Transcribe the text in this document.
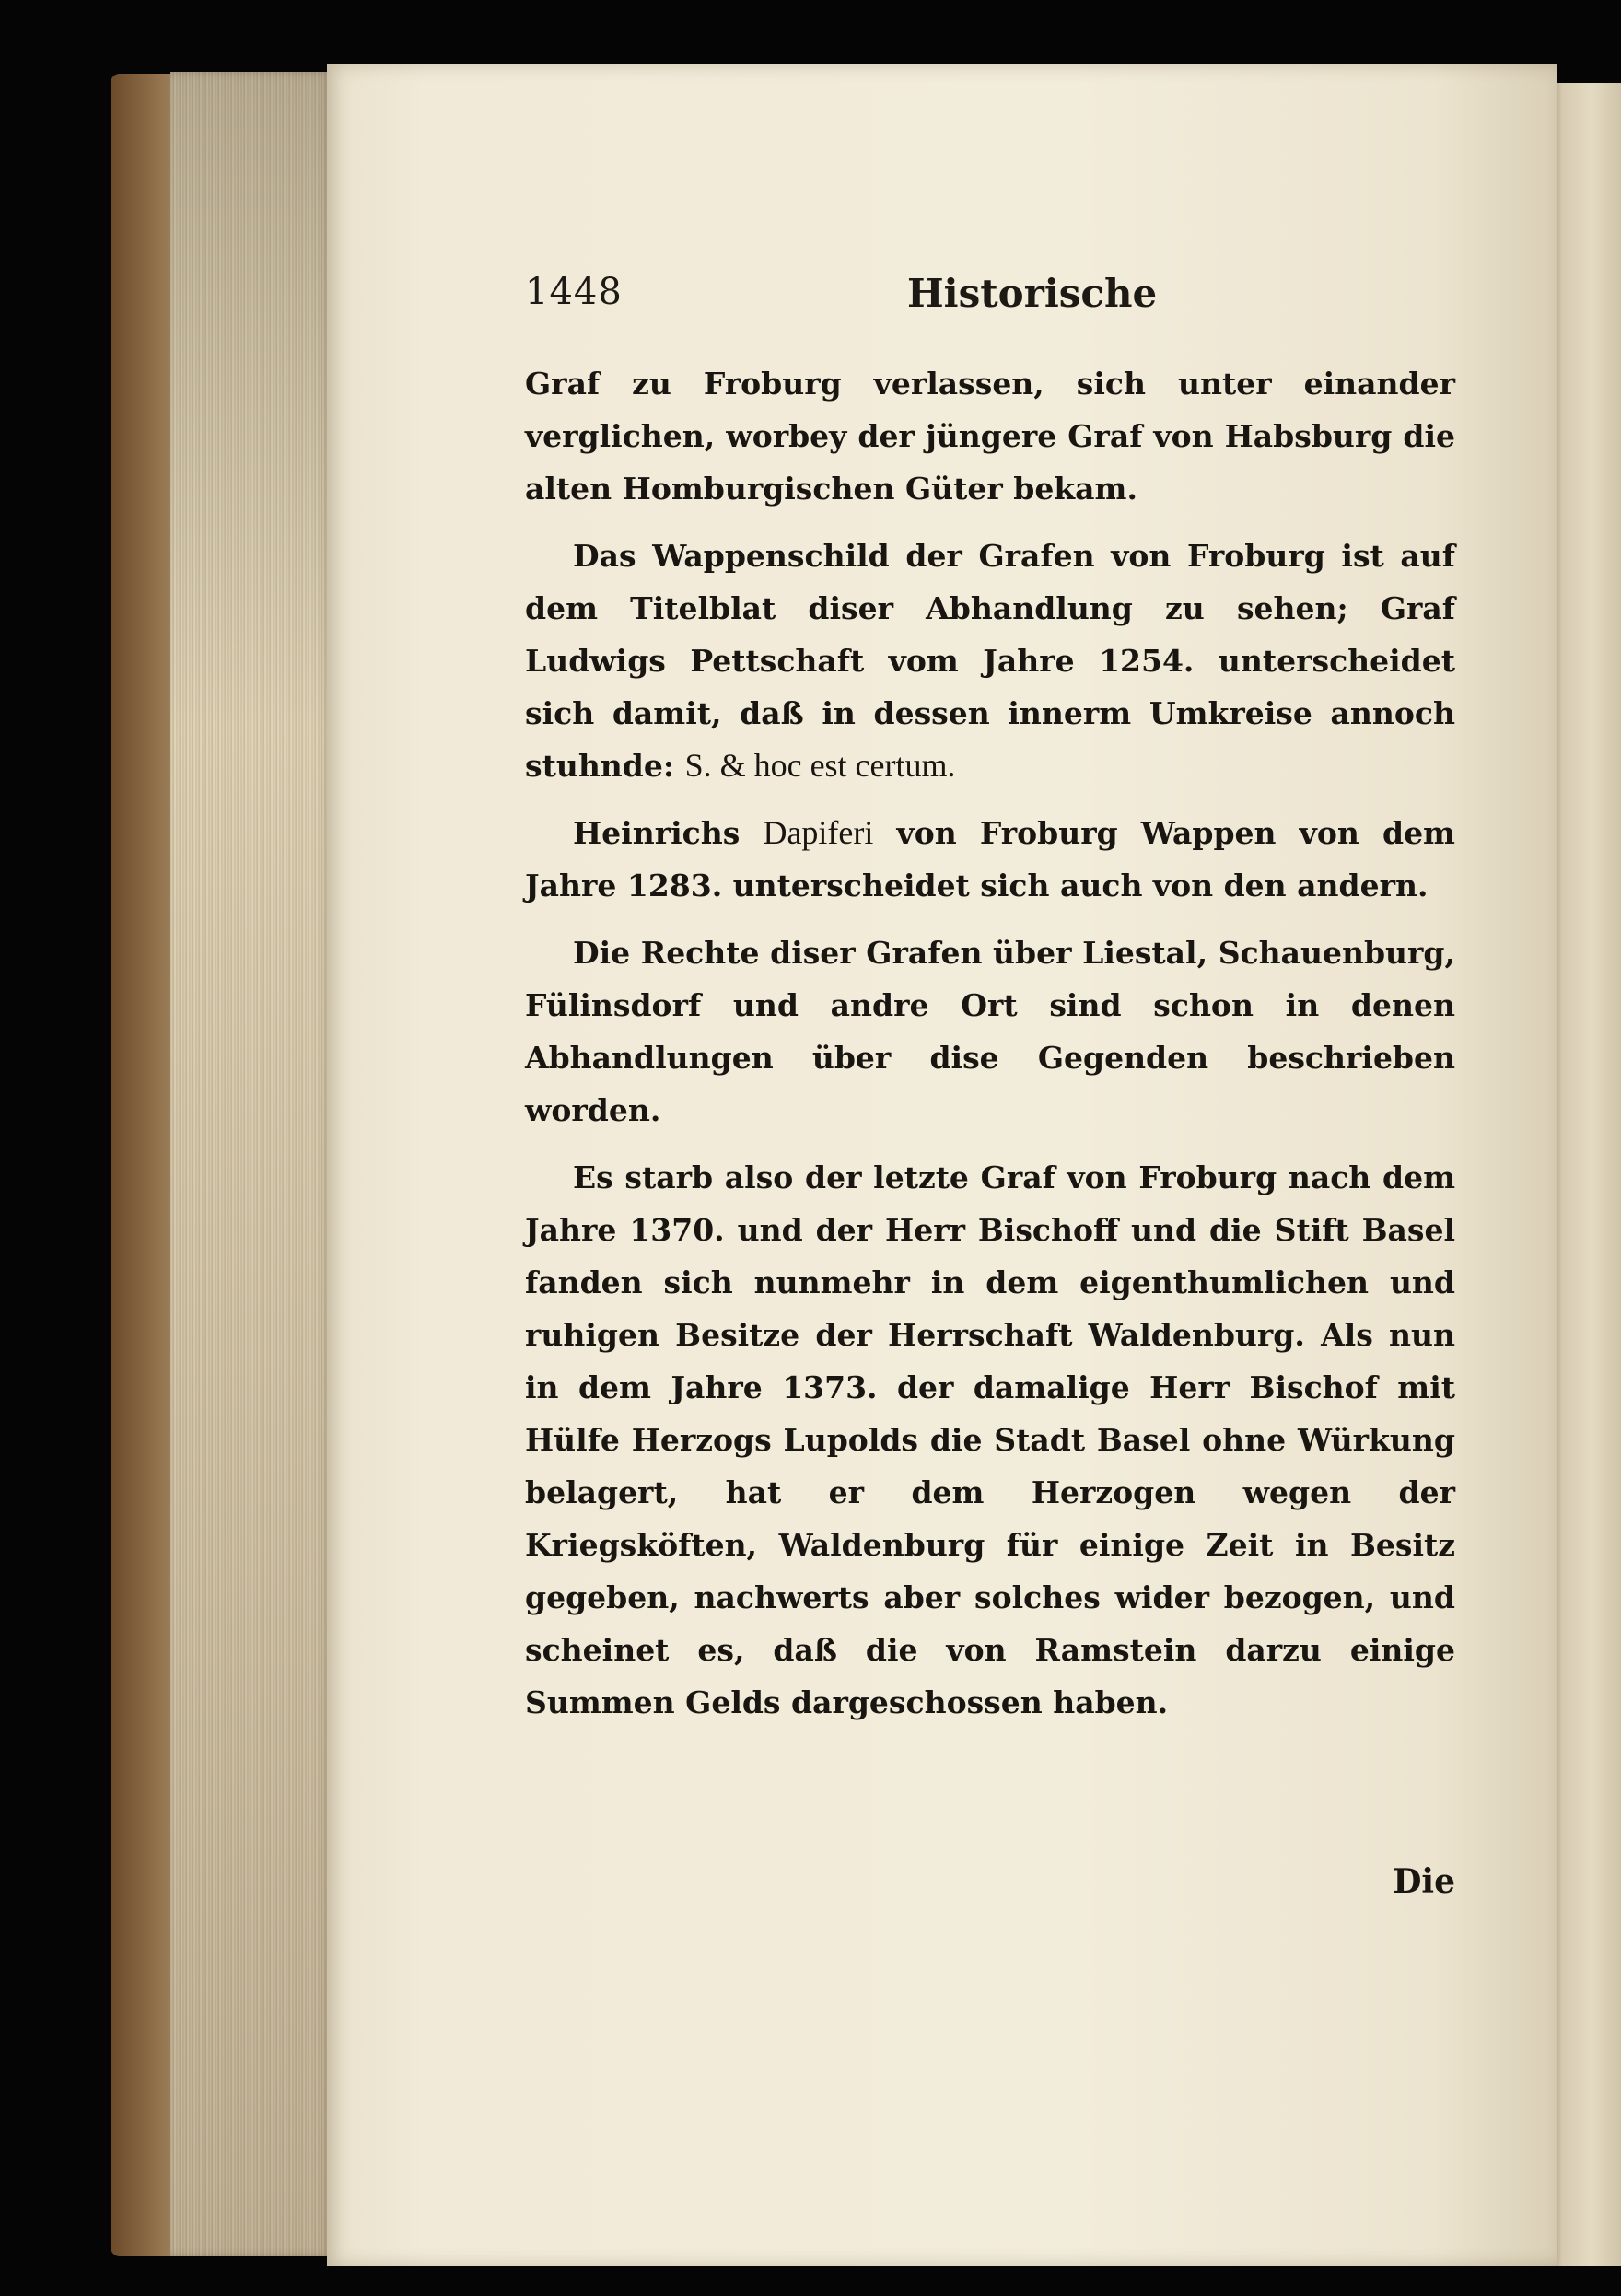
1448	Historische

Graf zu Froburg verlassen, sich unter einander verglichen, worbey der jüngere Graf von Habsburg die alten Homburgischen Güter bekam.

Das Wappenschild der Grafen von Froburg ist auf dem Titelblat diser Abhandlung zu sehen; Graf Ludwigs Pettschaft vom Jahre 1254. unterscheidet sich damit, daß in dessen innerm Umkreise annoch stuhnde: S. & hoc est certum.

Heinrichs Dapiferi von Froburg Wappen von dem Jahre 1283. unterscheidet sich auch von den andern.

Die Rechte diser Grafen über Liestal, Schauenburg, Fülinsdorf und andre Ort sind schon in denen Abhandlungen über dise Gegenden beschrieben worden.

Es starb also der letzte Graf von Froburg nach dem Jahre 1370. und der Herr Bischoff und die Stift Basel fanden sich nunmehr in dem eigenthumlichen und ruhigen Besitze der Herrschaft Waldenburg. Als nun in dem Jahre 1373. der damalige Herr Bischof mit Hülfe Herzogs Lupolds die Stadt Basel ohne Würkung belagert, hat er dem Herzogen wegen der Kriegsköften, Waldenburg für einige Zeit in Besitz gegeben, nachwerts aber solches wider bezogen, und scheinet es, daß die von Ramstein darzu einige Summen Gelds dargeschossen haben.

Die
